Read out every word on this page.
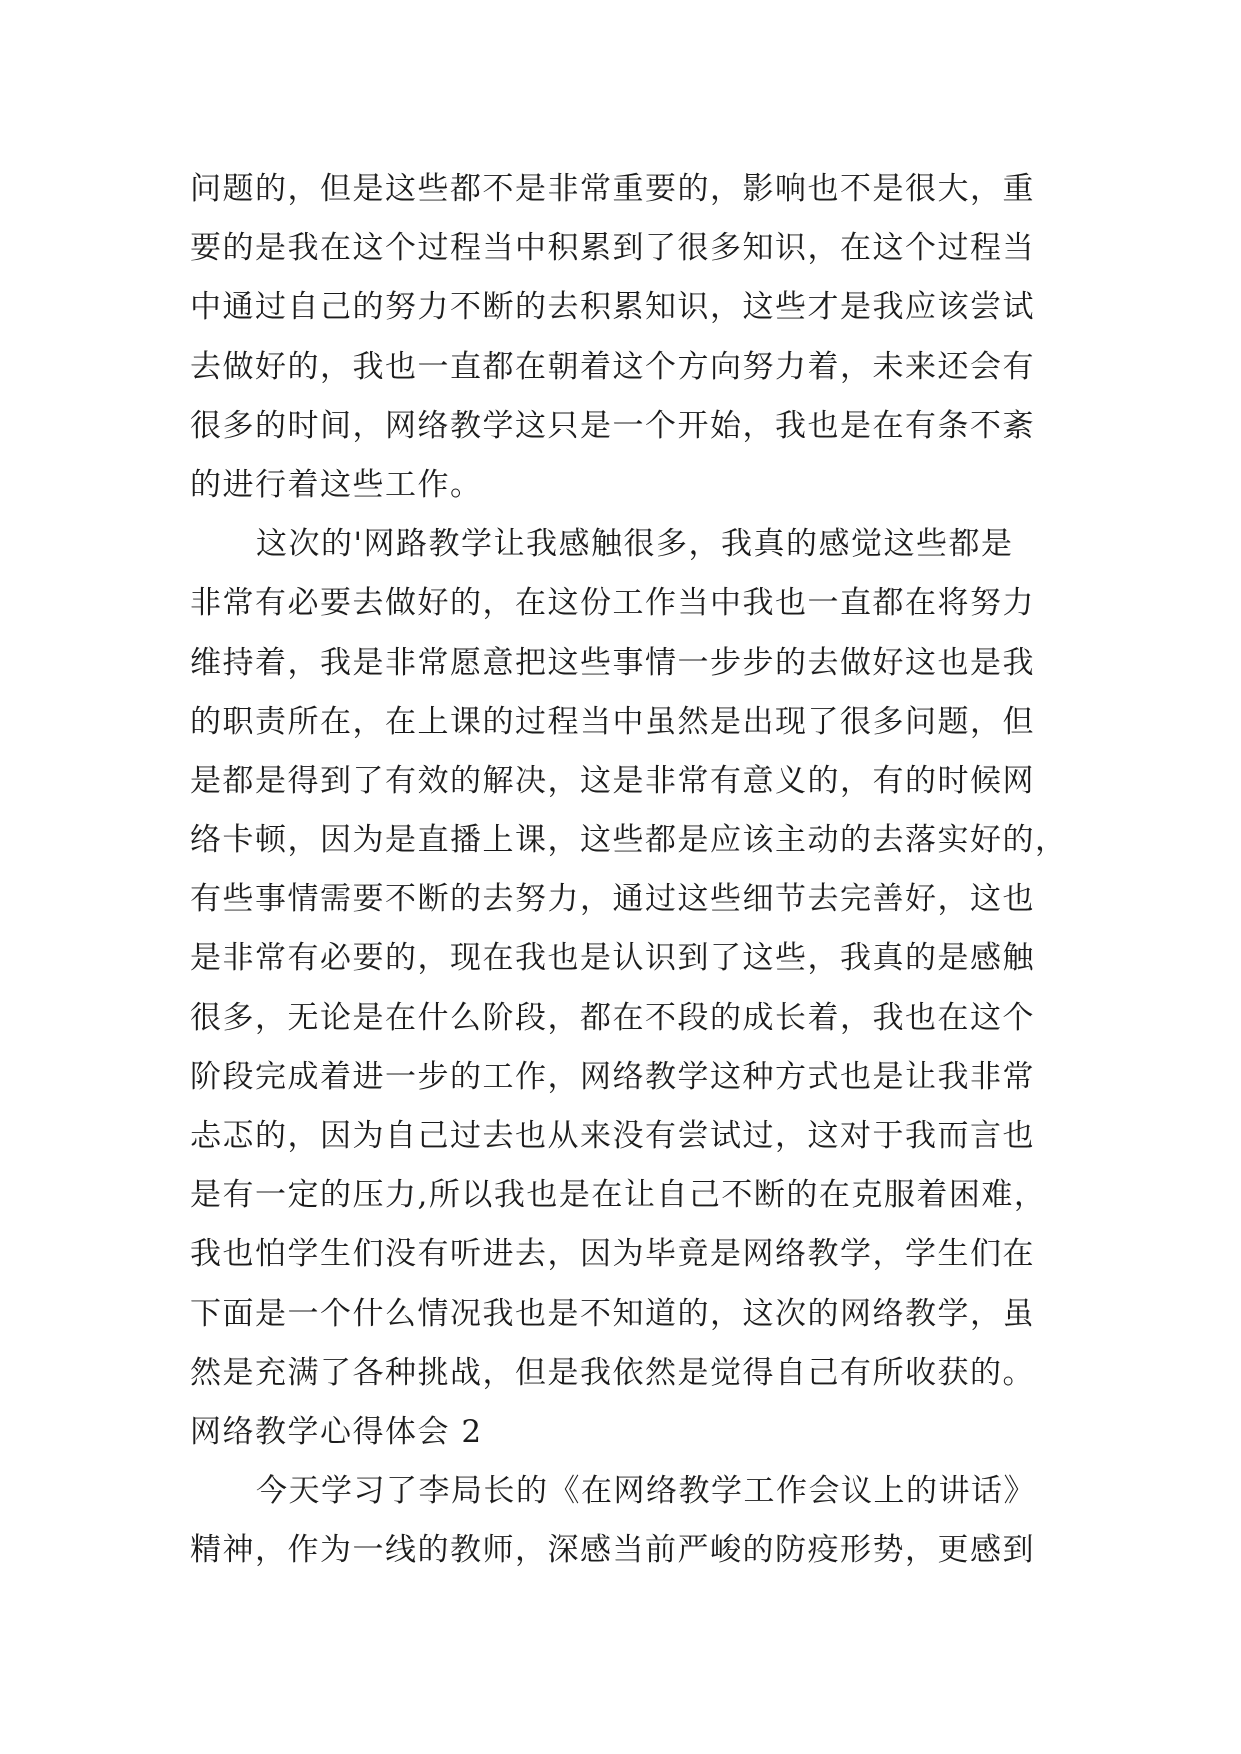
问题的，但是这些都不是非常重要的，影响也不是很大，重
要的是我在这个过程当中积累到了很多知识，在这个过程当
中通过自己的努力不断的去积累知识，这些才是我应该尝试
去做好的，我也一直都在朝着这个方向努力着，未来还会有
很多的时间，网络教学这只是一个开始，我也是在有条不紊
的进行着这些工作。
这次的'网路教学让我感触很多，我真的感觉这些都是
非常有必要去做好的，在这份工作当中我也一直都在将努力
维持着，我是非常愿意把这些事情一步步的去做好这也是我
的职责所在，在上课的过程当中虽然是出现了很多问题，但
是都是得到了有效的解决，这是非常有意义的，有的时候网
络卡顿，因为是直播上课，这些都是应该主动的去落实好的，
有些事情需要不断的去努力，通过这些细节去完善好，这也
是非常有必要的，现在我也是认识到了这些，我真的是感触
很多，无论是在什么阶段，都在不段的成长着，我也在这个
阶段完成着进一步的工作，网络教学这种方式也是让我非常
忐忑的，因为自己过去也从来没有尝试过，这对于我而言也
是有一定的压力,所以我也是在让自己不断的在克服着困难，
我也怕学生们没有听进去，因为毕竟是网络教学，学生们在
下面是一个什么情况我也是不知道的，这次的网络教学，虽
然是充满了各种挑战，但是我依然是觉得自己有所收获的。
网络教学心得体会 2
今天学习了李局长的《在网络教学工作会议上的讲话》
精神，作为一线的教师，深感当前严峻的防疫形势，更感到
